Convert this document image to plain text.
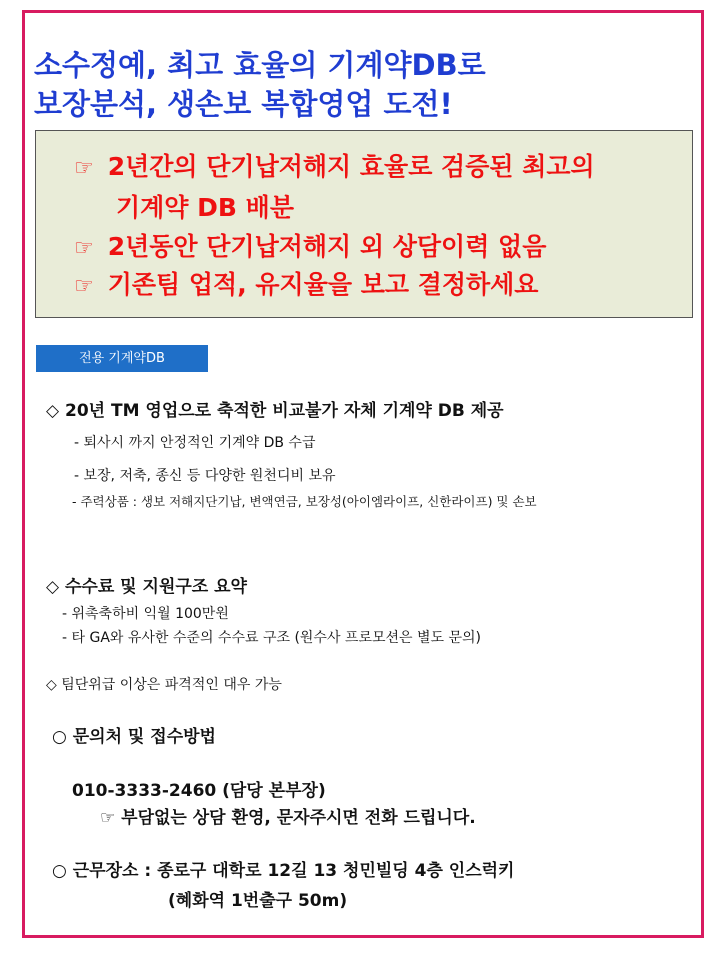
소수정예, 최고 효율의 기계약DB로
보장분석, 생손보 복합영업 도전!
☞ 2년간의 단기납저해지 효율로 검증된 최고의
기계약 DB 배분
☞ 2년동안 단기납저해지 외 상담이력 없음
☞ 기존팀 업적, 유지율을 보고 결정하세요
전용 기계약DB
◇ 20년 TM 영업으로 축적한 비교불가 자체 기계약 DB 제공
- 퇴사시 까지 안정적인 기계약 DB 수급
- 보장, 저축, 종신 등 다양한 원천디비 보유
- 주력상품 : 생보 저해지단기납, 변액연금, 보장성(아이엠라이프, 신한라이프) 및 손보
◇ 수수료 및 지원구조 요약
- 위촉축하비 익월 100만원
- 타 GA와 유사한 수준의 수수료 구조 (원수사 프로모션은 별도 문의)
◇ 팀단위급 이상은 파격적인 대우 가능
○ 문의처 및 접수방법
010-3333-2460 (담당 본부장)
☞ 부담없는 상담 환영, 문자주시면 전화 드립니다.
○ 근무장소 : 종로구 대학로 12길 13 청민빌딩 4층 인스럭키
(혜화역 1번출구 50m)
